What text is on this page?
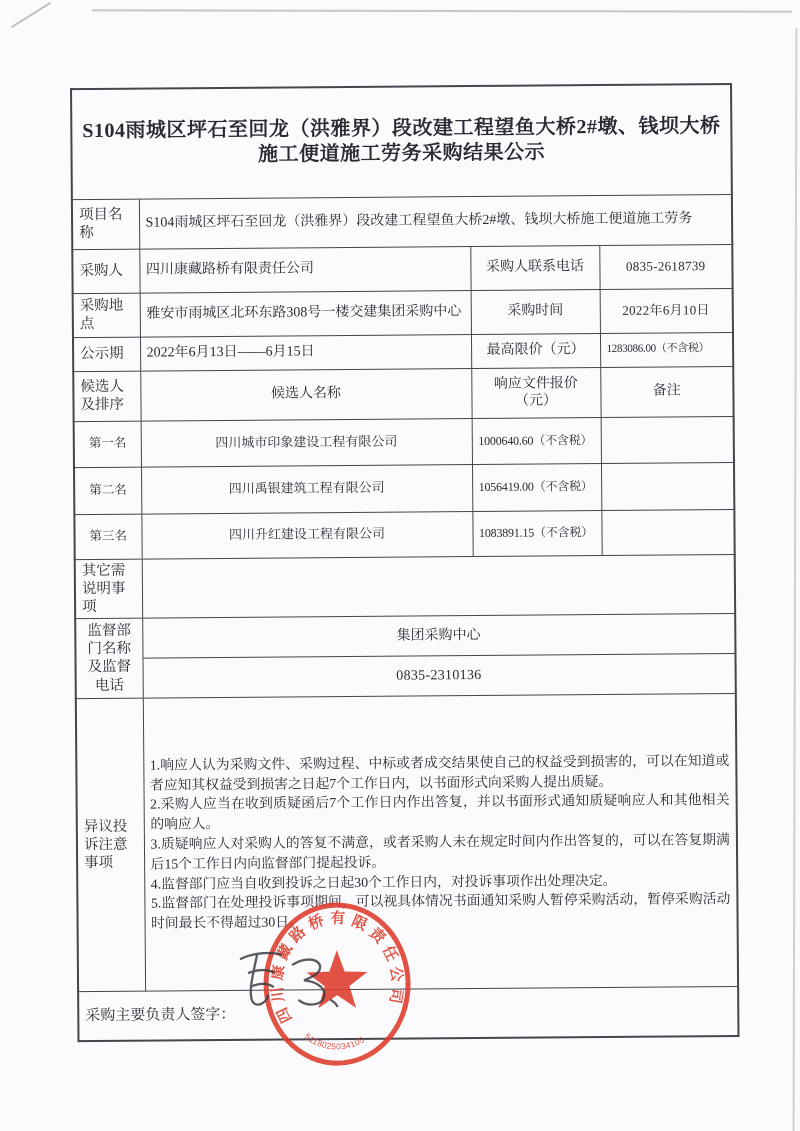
S104雨城区坪石至回龙（洪雅界）段改建工程望鱼大桥2#墩、钱坝大桥施工便道施工劳务采购结果公示			
项目名称	S104雨城区坪石至回龙（洪雅界）段改建工程望鱼大桥2#墩、钱坝大桥施工便道施工劳务		
采购人	四川康藏路桥有限责任公司	采购人联系电话	0835-2618739
采购地点	雅安市雨城区北环东路308号一楼交建集团采购中心	采购时间	2022年6月10日
公示期	2022年6月13日——6月15日	最高限价（元）	1283086.00（不含税）
候选人及排序	候选人名称	响应文件报价（元）	备注
第一名	四川城市印象建设工程有限公司	1000640.60（不含税）	
第二名	四川禹银建筑工程有限公司	1056419.00（不含税）	
第三名	四川升红建设工程有限公司	1083891.15（不含税）	
其它需说明事项			
监督部门名称及监督电话	集团采购中心		
	0835-2310136		
异议投诉注意事项	1.响应人认为采购文件、采购过程、中标或者成交结果使自己的权益受到损害的，可以在知道或者应知其权益受到损害之日起7个工作日内，以书面形式向采购人提出质疑。
2.采购人应当在收到质疑函后7个工作日内作出答复，并以书面形式通知质疑响应人和其他相关的响应人。
3.质疑响应人对采购人的答复不满意，或者采购人未在规定时间内作出答复的，可以在答复期满后15个工作日内向监督部门提起投诉。
4.监督部门应当自收到投诉之日起30个工作日内，对投诉事项作出处理决定。
5.监督部门在处理投诉事项期间，可以视具体情况书面通知采购人暂停采购活动，暂停采购活动时间最长不得超过30日。		

采购主要负责人签字：				四川康藏路桥有限责任公司
5118025034105
